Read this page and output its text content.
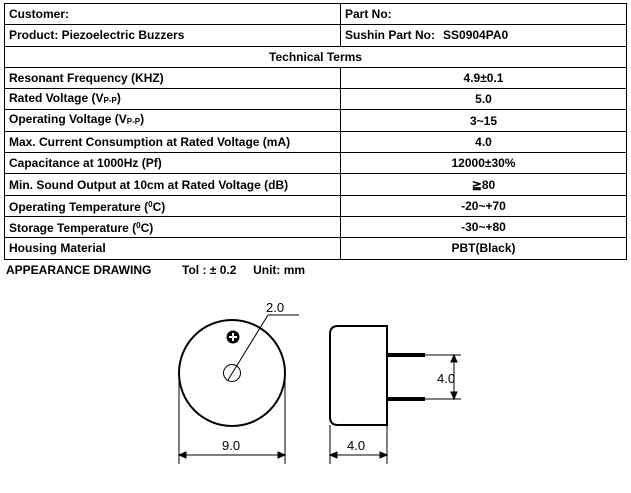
Customer:	Part No:
Product: Piezoelectric Buzzers	Sushin Part No: SS0904PA0
Technical Terms	
Resonant Frequency (KHZ)	4.9±0.1
Rated Voltage $(V_{P-P})$	5.0
Operating Voltage $(V_{P-P})$	3~15
Max. Current Consumption at Rated Voltage (mA)	4.0
Capacitance at 1000Hz (Pf)	12000±30%
Min. Sound Output at 10cm at Rated Voltage (dB)	≧80
Operating Temperature ($^0$C)	-20~+70
Storage Temperature ($^0$C)	-30~+80
Housing Material	PBT(Black)
APPEARANCE DRAWING	Tol : ± 0.2 Unit: mm
2.0
9.0
4.0
4.0
